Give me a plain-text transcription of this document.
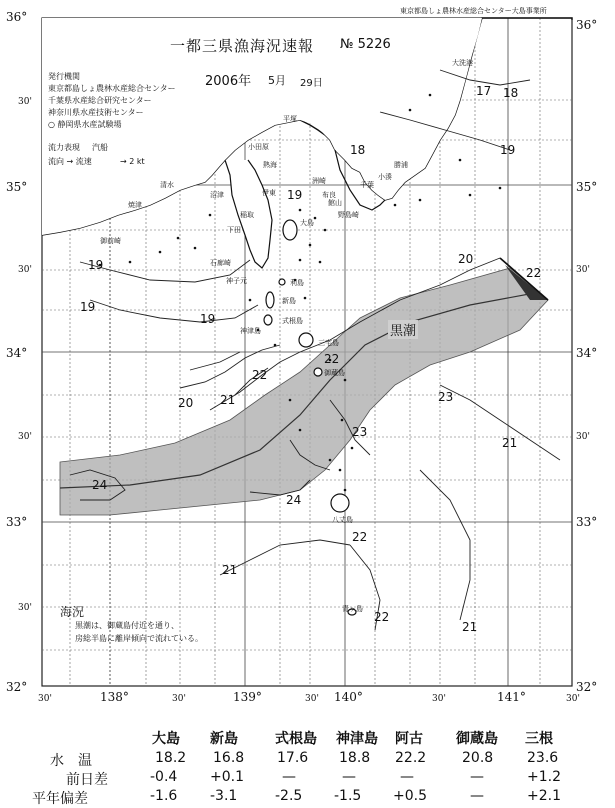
東京都島しょ農林水産総合センター大島事業所
一都三県漁海況速報 № 5226
2006年 5月 29日
発行機関
東京都島しょ農林水産総合センター
千葉県水産総合研究センター
神奈川県水産技術センター
○ 静岡県水産試験場
流力表現 汽船
流向 → 流速	→ 2 kt
黒潮
36°
35°
34°
33°
32°
30'
30'
30'
30'
36°
35°
34°
33°
32°
30'
30'
138°	139°	140°	141°
30'	30'	30'	30'	30'
17 18
18	19
19
19
19
19
20
20 21
21
21
21
22
22
22
22
23
23
24
24
22
大洗港
勝浦
千葉
館山
平塚
小田原
熱海
清水
焼津
沼津	伊東
下田
御前崎
石廊崎
神子元
新島
式根島
神津島
三宅島
御蔵島
八丈島
大島
利島
野島崎
洲崎
稲取
布良
小湊
青ヶ島
海況
黒潮は、御蔵島付近を通り、
房総半島に離岸傾向で流れている。
大島 新島	式根島 神津島 阿古 御蔵島 三根
水　温
前日差
平年偏差
18.2 16.8 17.6 18.8 22.2	20.8 23.6
-0.4 +0.1	—	—	—	—	+1.2
-1.6 -3.1	-2.5 -1.5 +0.5	—	+2.1
